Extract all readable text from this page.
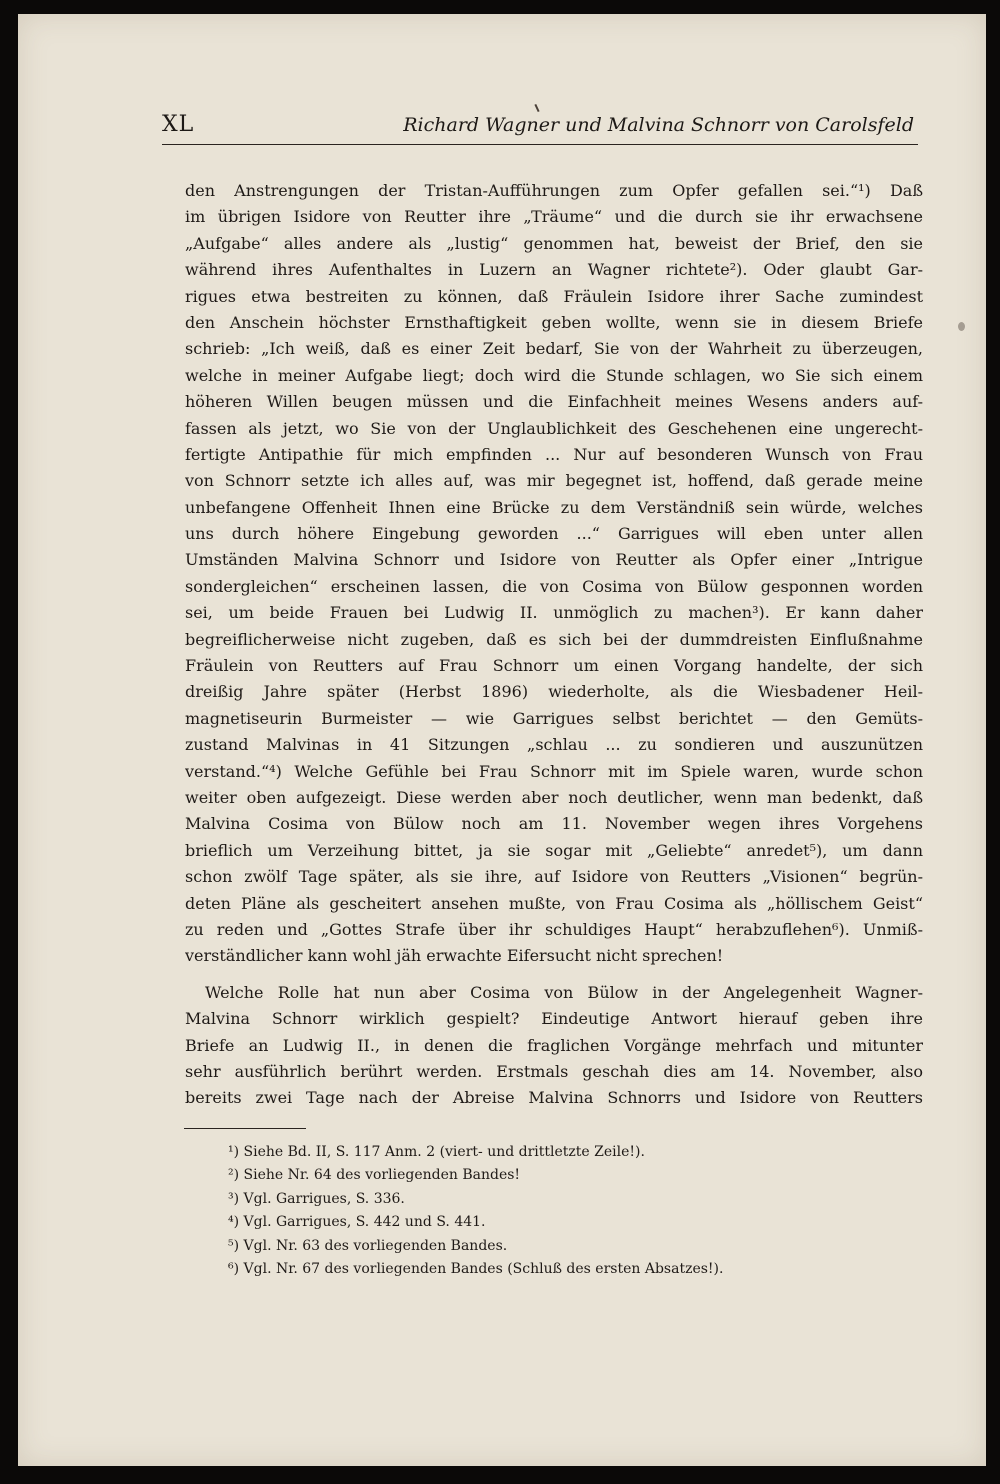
XL	Richard Wagner und Malvina Schnorr von Carolsfeld
den Anstrengungen der Tristan-Aufführungen zum Opfer gefallen sei.“¹) Daß
im übrigen Isidore von Reutter ihre „Träume“ und die durch sie ihr erwachsene
„Aufgabe“ alles andere als „lustig“ genommen hat, beweist der Brief, den sie
während ihres Aufenthaltes in Luzern an Wagner richtete²). Oder glaubt Gar-
rigues etwa bestreiten zu können, daß Fräulein Isidore ihrer Sache zumindest
den Anschein höchster Ernsthaftigkeit geben wollte, wenn sie in diesem Briefe
schrieb: „Ich weiß, daß es einer Zeit bedarf, Sie von der Wahrheit zu überzeugen,
welche in meiner Aufgabe liegt; doch wird die Stunde schlagen, wo Sie sich einem
höheren Willen beugen müssen und die Einfachheit meines Wesens anders auf-
fassen als jetzt, wo Sie von der Unglaublichkeit des Geschehenen eine ungerecht-
fertigte Antipathie für mich empfinden ... Nur auf besonderen Wunsch von Frau
von Schnorr setzte ich alles auf, was mir begegnet ist, hoffend, daß gerade meine
unbefangene Offenheit Ihnen eine Brücke zu dem Verständniß sein würde, welches
uns durch höhere Eingebung geworden ...“ Garrigues will eben unter allen
Umständen Malvina Schnorr und Isidore von Reutter als Opfer einer „Intrigue
sondergleichen“ erscheinen lassen, die von Cosima von Bülow gesponnen worden
sei, um beide Frauen bei Ludwig II. unmöglich zu machen³). Er kann daher
begreiflicherweise nicht zugeben, daß es sich bei der dummdreisten Einflußnahme
Fräulein von Reutters auf Frau Schnorr um einen Vorgang handelte, der sich
dreißig Jahre später (Herbst 1896) wiederholte, als die Wiesbadener Heil-
magnetiseurin Burmeister — wie Garrigues selbst berichtet — den Gemüts-
zustand Malvinas in 41 Sitzungen „schlau ... zu sondieren und auszunützen
verstand.“⁴) Welche Gefühle bei Frau Schnorr mit im Spiele waren, wurde schon
weiter oben aufgezeigt. Diese werden aber noch deutlicher, wenn man bedenkt, daß
Malvina Cosima von Bülow noch am 11. November wegen ihres Vorgehens
brieflich um Verzeihung bittet, ja sie sogar mit „Geliebte“ anredet⁵), um dann
schon zwölf Tage später, als sie ihre, auf Isidore von Reutters „Visionen“ begrün-
deten Pläne als gescheitert ansehen mußte, von Frau Cosima als „höllischem Geist“
zu reden und „Gottes Strafe über ihr schuldiges Haupt“ herabzuflehen⁶). Unmiß-
verständlicher kann wohl jäh erwachte Eifersucht nicht sprechen!
Welche Rolle hat nun aber Cosima von Bülow in der Angelegenheit Wagner-
Malvina Schnorr wirklich gespielt? Eindeutige Antwort hierauf geben ihre
Briefe an Ludwig II., in denen die fraglichen Vorgänge mehrfach und mitunter
sehr ausführlich berührt werden. Erstmals geschah dies am 14. November, also
bereits zwei Tage nach der Abreise Malvina Schnorrs und Isidore von Reutters
¹) Siehe Bd. II, S. 117 Anm. 2 (viert- und drittletzte Zeile!).
²) Siehe Nr. 64 des vorliegenden Bandes!
³) Vgl. Garrigues, S. 336.
⁴) Vgl. Garrigues, S. 442 und S. 441.
⁵) Vgl. Nr. 63 des vorliegenden Bandes.
⁶) Vgl. Nr. 67 des vorliegenden Bandes (Schluß des ersten Absatzes!).
